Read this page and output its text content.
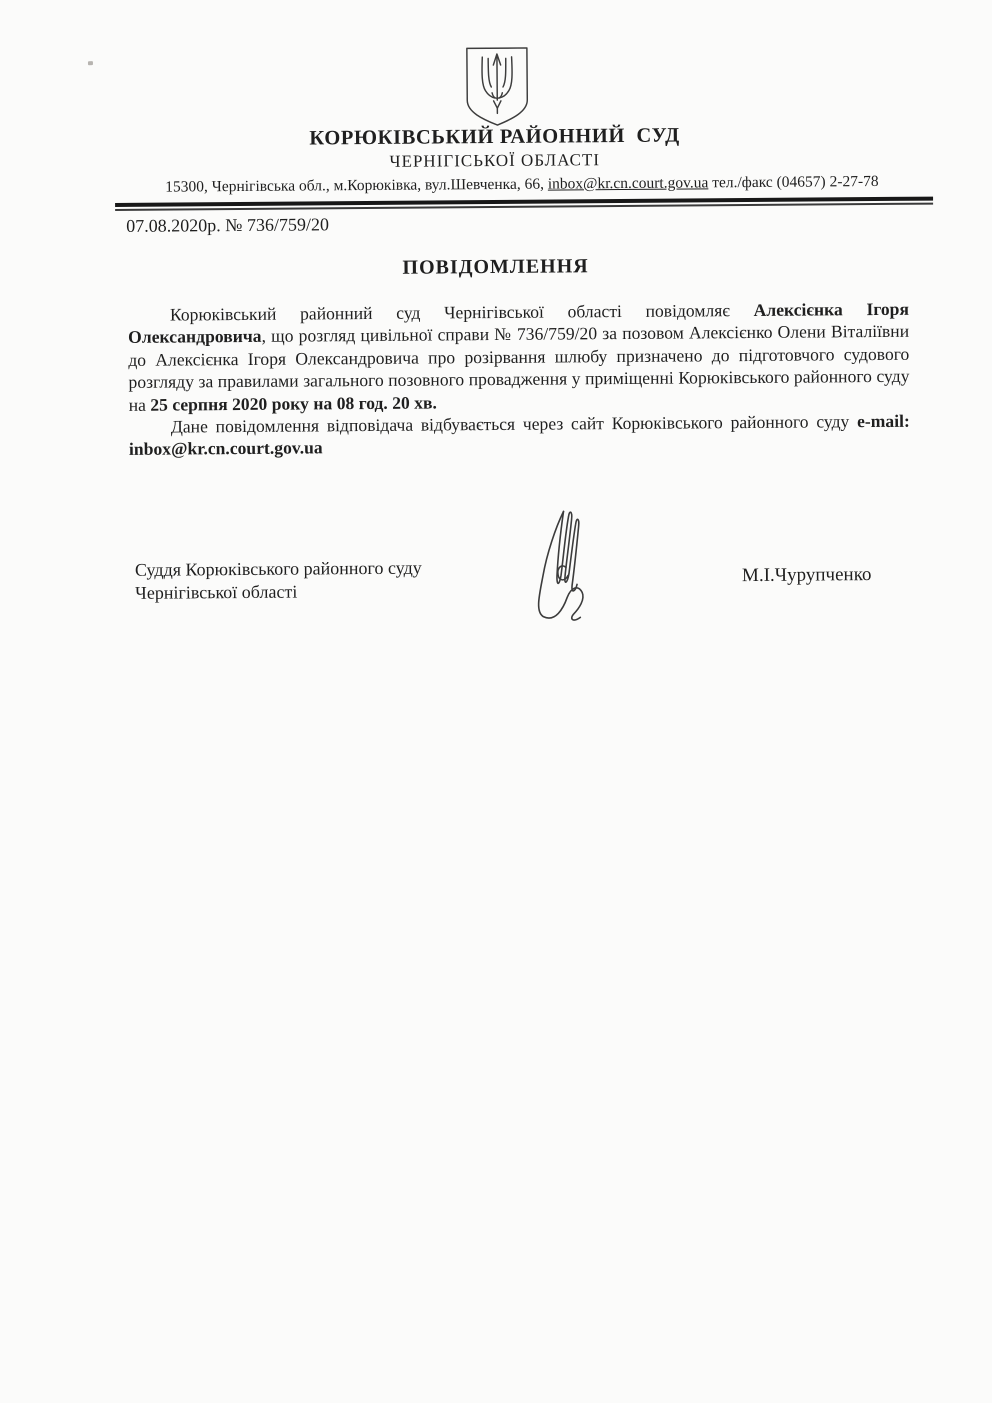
КОРЮКІВСЬКИЙ РАЙОННИЙ  СУД
ЧЕРНІГІСЬКОЇ ОБЛАСТІ
15300, Чернігівська обл., м.Корюківка, вул.Шевченка, 66, inbox@kr.cn.court.gov.ua тел./факс (04657) 2-27-78
07.08.2020р. № 736/759/20
ПОВІДОМЛЕННЯ

Корюківський районний суд Чернігівської області повідомляє Алексієнка Ігоря Олександровича, що розгляд цивільної справи № 736/759/20 за позовом Алексієнко Олени Віталіївни до Алексієнка Ігоря Олександровича про розірвання шлюбу призначено до підготовчого судового розгляду за правилами загального позовного провадження у приміщенні Корюківського районного суду на 25 серпня 2020 року на 08 год. 20 хв.

Дане повідомлення відповідача відбувається через сайт Корюківського районного суду e-mail: inbox@kr.cn.court.gov.ua

Суддя Корюківського районного суду
Чернігівської області
М.І.Чурупченко
